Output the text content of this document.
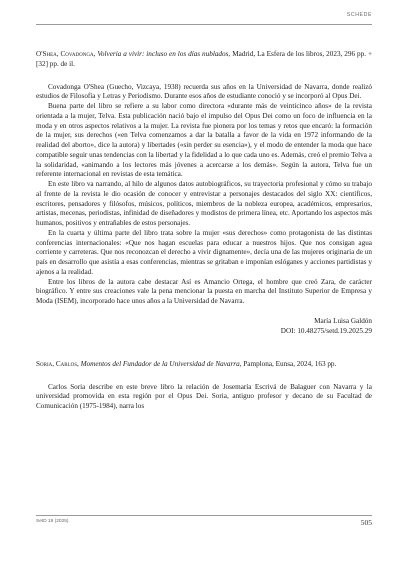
SCHEDE
O'Shea, Covadonga, Volveria a vivir: incluso en los días nublados, Madrid, La Esfera de los libros, 2023, 296 pp. + [32] pp. de il.

Covadonga O'Shea (Guecho, Vizcaya, 1938) recuerda sus años en la Universidad de Navarra, donde realizó estudios de Filosofía y Letras y Periodismo. Durante esos años de estudiante conoció y se incorporó al Opus Dei.

Buena parte del libro se refiere a su labor como directora «durante más de veinticinco años» de la revista orientada a la mujer, Telva. Esta publicación nació bajo el impulso del Opus Dei como un foco de influencia en la moda y en otros aspectos relativos a la mujer. La revista fue pionera por los temas y retos que encaró: la formación de la mujer, sus derechos («en Telva comenzamos a dar la batalla a favor de la vida en 1972 informando de la realidad del aborto», dice la autora) y libertades («sin perder su esencia»), y el modo de entender la moda que hace compatible seguir unas tendencias con la libertad y la fidelidad a lo que cada uno es. Además, creó el premio Telva a la solidaridad, «animando a los lectores más jóvenes a acercarse a los demás». Según la autora, Telva fue un referente internacional en revistas de esta temática.

En este libro va narrando, al hilo de algunos datos autobiográficos, su trayectoria profesional y cómo su trabajo al frente de la revista le dio ocasión de conocer y entrevistar a personajes destacados del siglo XX: científicos, escritores, pensadores y filósofos, músicos, políticos, miembros de la nobleza europea, académicos, empresarios, artistas, mecenas, periodistas, infinidad de diseñadores y modistos de primera línea, etc. Aportando los aspectos más humanos, positivos y entrañables de estos personajes.

En la cuarta y última parte del libro trata sobre la mujer «sus derechos» como protagonista de las distintas conferencias internacionales: «Que nos hagan escuelas para educar a nuestros hijos. Que nos consigan agua corriente y carreteras. Que nos reconozcan el derecho a vivir dignamente», decía una de las mujeres originaria de un país en desarrollo que asistía a esas conferencias, mientras se gritaban e imponían eslóganes y acciones partidistas y ajenos a la realidad.

Entre los libros de la autora cabe destacar Así es Amancio Ortega, el hombre que creó Zara, de carácter biográfico. Y entre sus creaciones vale la pena mencionar la puesta en marcha del Instituto Superior de Empresa y Moda (ISEM), incorporado hace unos años a la Universidad de Navarra.

María Luisa Galdón
DOI: 10.48275/setd.19.2025.29
Soria, Carlos, Momentos del Fundador de la Universidad de Navarra, Pamplona, Eunsa, 2024, 163 pp.

Carlos Soria describe en este breve libro la relación de Josemaría Escrivá de Balaguer con Navarra y la universidad promovida en esta región por el Opus Dei. Soria, antiguo profesor y decano de su Facultad de Comunicación (1975-1984), narra los

SetD 19 (2025)	505
